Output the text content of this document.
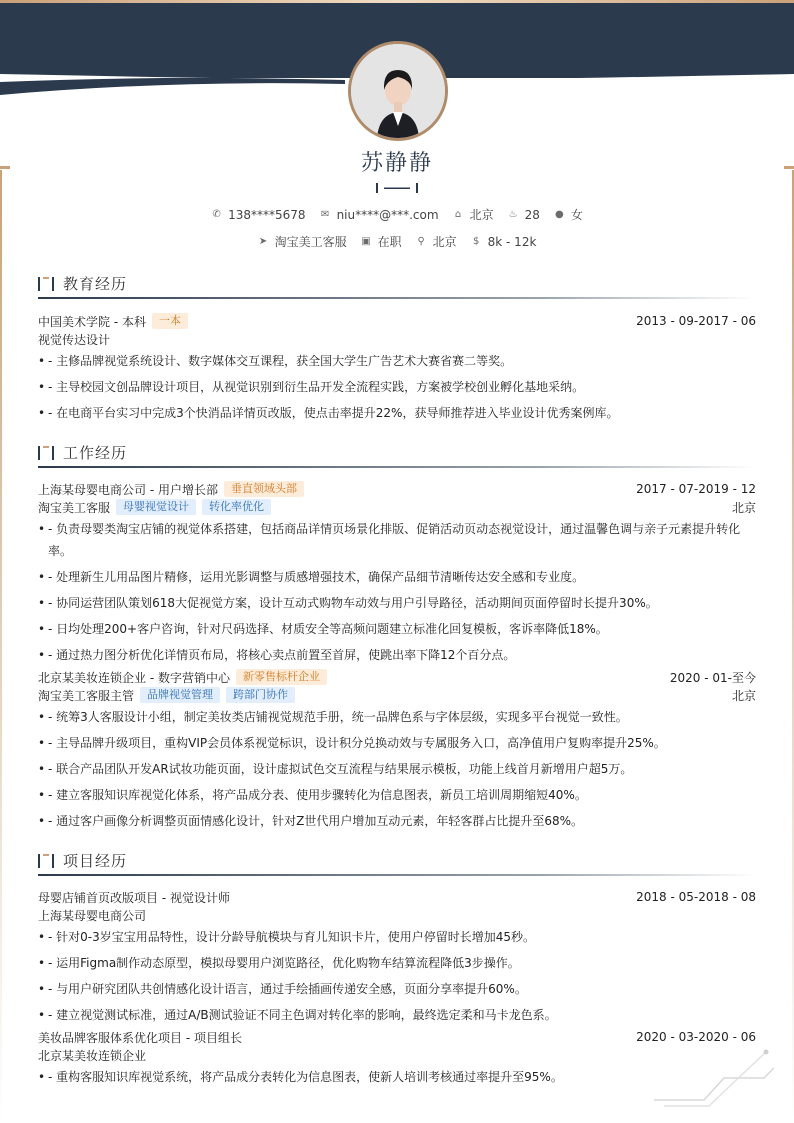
苏静静
✆ 138****5678 ✉ niu****@***.com ⌂ 北京 ♨ 28 ● 女
➤ 淘宝美工客服 ▣ 在职 ⚲ 北京 $ 8k - 12k
教育经历
中国美术学院 - 本科	一本	2013 - 09-2017 - 06
视觉传达设计
• - 主修品牌视觉系统设计、数字媒体交互课程，获全国大学生广告艺术大赛省赛二等奖。
• - 主导校园文创品牌设计项目，从视觉识别到衍生品开发全流程实践，方案被学校创业孵化基地采纳。
• - 在电商平台实习中完成3个快消品详情页改版，使点击率提升22%，获导师推荐进入毕业设计优秀案例库。
工作经历
上海某母婴电商公司 - 用户增长部	垂直领域头部	2017 - 07-2019 - 12
淘宝美工客服	母婴视觉设计	转化率优化	北京
• - 负责母婴类淘宝店铺的视觉体系搭建，包括商品详情页场景化排版、促销活动页动态视觉设计，通过温馨色调与亲子元素提升转化率。
• - 处理新生儿用品图片精修，运用光影调整与质感增强技术，确保产品细节清晰传达安全感和专业度。
• - 协同运营团队策划618大促视觉方案，设计互动式购物车动效与用户引导路径，活动期间页面停留时长提升30%。
• - 日均处理200+客户咨询，针对尺码选择、材质安全等高频问题建立标准化回复模板，客诉率降低18%。
• - 通过热力图分析优化详情页布局，将核心卖点前置至首屏，使跳出率下降12个百分点。
北京某美妆连锁企业 - 数字营销中心	新零售标杆企业	2020 - 01-至今
淘宝美工客服主管	品牌视觉管理	跨部门协作	北京
• - 统筹3人客服设计小组，制定美妆类店铺视觉规范手册，统一品牌色系与字体层级，实现多平台视觉一致性。
• - 主导品牌升级项目，重构VIP会员体系视觉标识，设计积分兑换动效与专属服务入口，高净值用户复购率提升25%。
• - 联合产品团队开发AR试妆功能页面，设计虚拟试色交互流程与结果展示模板，功能上线首月新增用户超5万。
• - 建立客服知识库视觉化体系，将产品成分表、使用步骤转化为信息图表，新员工培训周期缩短40%。
• - 通过客户画像分析调整页面情感化设计，针对Z世代用户增加互动元素，年轻客群占比提升至68%。
项目经历
母婴店铺首页改版项目 - 视觉设计师	2018 - 05-2018 - 08
上海某母婴电商公司
• - 针对0-3岁宝宝用品特性，设计分龄导航模块与育儿知识卡片，使用户停留时长增加45秒。
• - 运用Figma制作动态原型，模拟母婴用户浏览路径，优化购物车结算流程降低3步操作。
• - 与用户研究团队共创情感化设计语言，通过手绘插画传递安全感，页面分享率提升60%。
• - 建立视觉测试标准，通过A/B测试验证不同主色调对转化率的影响，最终选定柔和马卡龙色系。
美妆品牌客服体系优化项目 - 项目组长	2020 - 03-2020 - 06
北京某美妆连锁企业
• - 重构客服知识库视觉系统，将产品成分表转化为信息图表，使新人培训考核通过率提升至95%。
